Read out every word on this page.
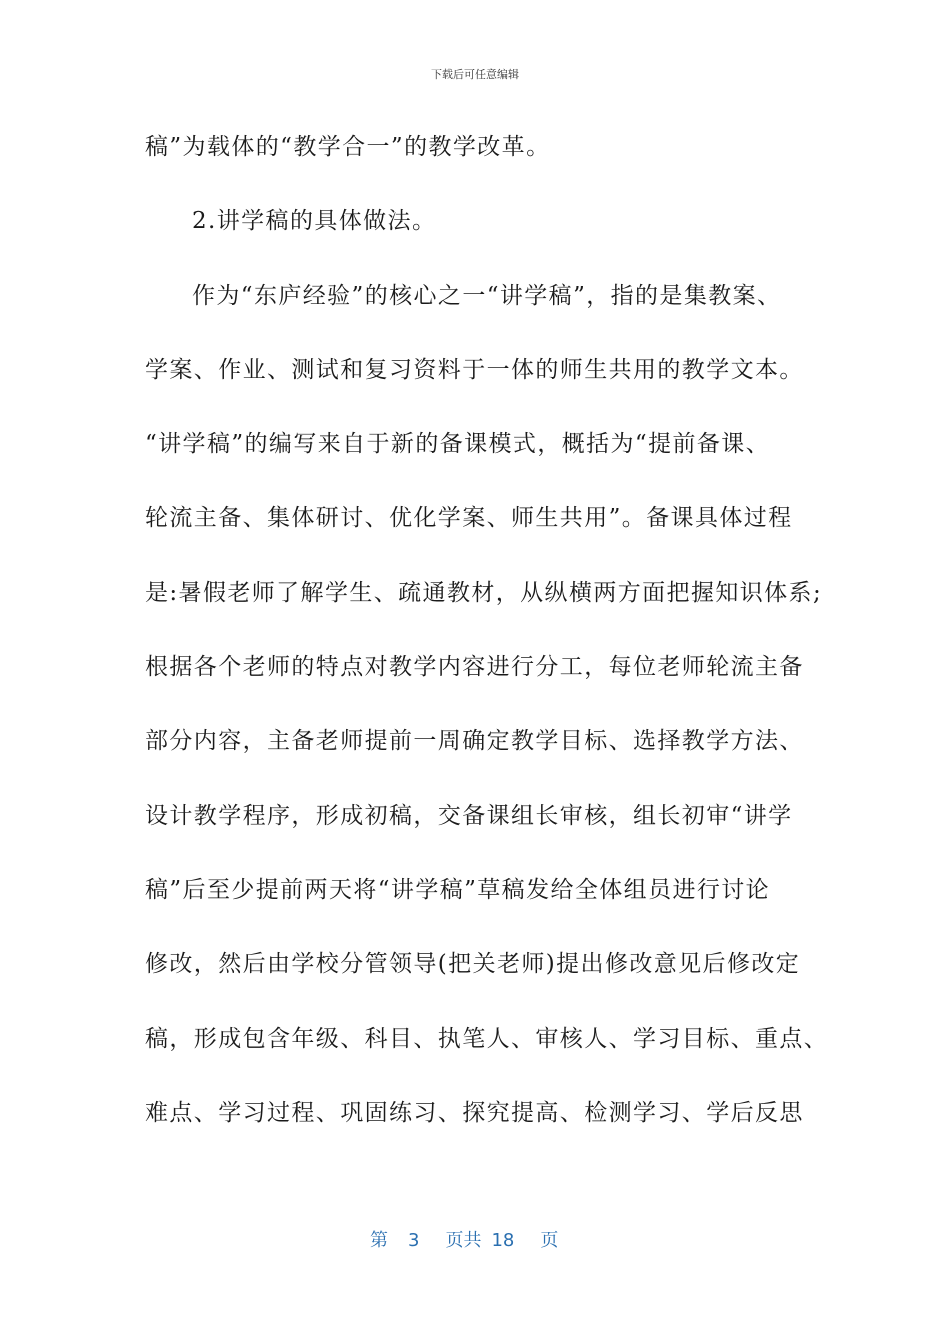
下载后可任意编辑
稿”为载体的“教学合一”的教学改革。
2.讲学稿的具体做法。
作为“东庐经验”的核心之一“讲学稿”，指的是集教案、
学案、作业、测试和复习资料于一体的师生共用的教学文本。
“讲学稿”的编写来自于新的备课模式，概括为“提前备课、
轮流主备、集体研讨、优化学案、师生共用”。备课具体过程
是:暑假老师了解学生、疏通教材，从纵横两方面把握知识体系;
根据各个老师的特点对教学内容进行分工，每位老师轮流主备
部分内容，主备老师提前一周确定教学目标、选择教学方法、
设计教学程序，形成初稿，交备课组长审核，组长初审“讲学
稿”后至少提前两天将“讲学稿”草稿发给全体组员进行讨论
修改，然后由学校分管领导(把关老师)提出修改意见后修改定
稿，形成包含年级、科目、执笔人、审核人、学习目标、重点、
难点、学习过程、巩固练习、探究提高、检测学习、学后反思
第 3 页共 18 页
